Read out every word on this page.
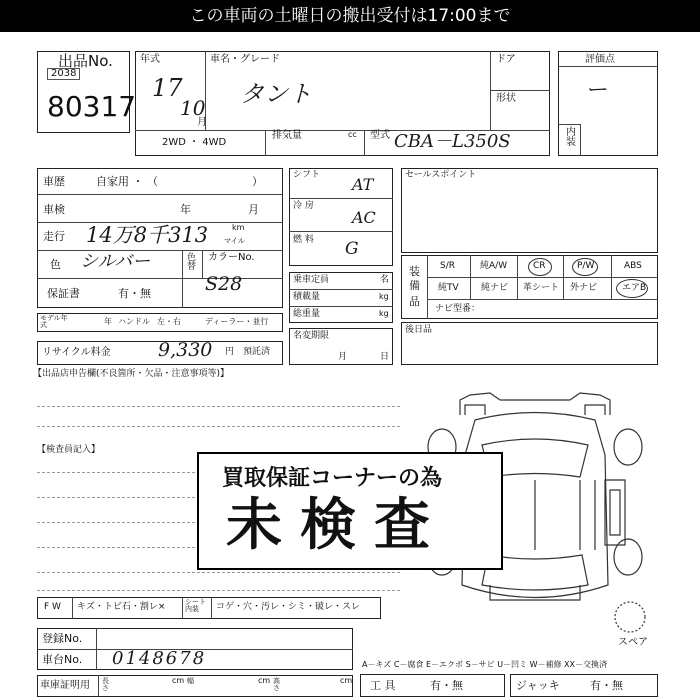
この車両の土曜日の搬出受付は17:00まで
出品No.
2038
80317
年式
17
10
月
車名・グレード
タント
2WD ・ 4WD
排気量	cc 型式 CBA－L350S
ドア
形状
評価点
ー
内装
車歴	自家用 ・ （	）
車検	年	月
走行 14万8千313	km
マイル
色 シルバー	色替
カラーNo.
S28
保証書	有・無
モデル年式	年 ハンドル 左・右	ディーラー・並行
リサイクル料金 9,330 円 預託済
シフト AT
冷 房
AC
燃 料 G
乗車定員	名
積載量	kg
総重量	kg
名変期限
月	日
セールスポイント
装備
品
S/R	純A/W	CR	P/W	ABS
純TV 純ナビ 革シート 外ナビ	エアB
ナビ型番：
後日品
【出品店申告欄(不良箇所・欠品・注意事項等)】
【検査員記入】
スペア
買取保証コーナーの為
未検査
F W キズ・トビ石・割レ×	シート内装	コゲ・穴・汚レ・シミ・破レ・スレ
登録No.
車台No. 0148678
車庫証明用 長さ
cm 幅	cm 高さ
cm
A－キズ C－腐食 E－エクボ S－サビ U－凹ミ W－補修 XX－交換済
工 具	有・無	ジャッキ	有・無
